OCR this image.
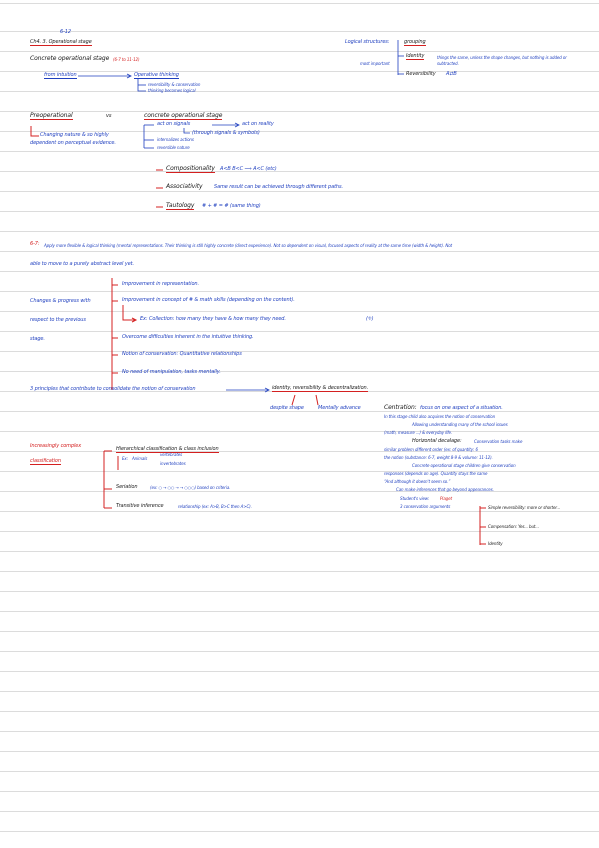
6-12
Ch4. 3. Operational stage	Logical structures:	grouping
Concrete operational stage (6-7 to 11-12)
from intuition	Operative thinking
reversibility & conservation
thinking becomes logical
most important
Identity	things the same, unless the shape changes, but nothing is added or subtracted.
Reversibility A⇄B
Preoperational	vs	concrete operational stage
Changing nature & so highly
dependent on perceptual evidence.
act on signals	act on reality
(through signals & symbols)
internalizes actions
reversible nature
Compositionality A<B B<C ⟹ A<C (etc)
Associativity Same result can be achieved through different paths.
Tautology # + # = # (same thing)
6-7: Apply more flexible & logical thinking (mental representations. Their thinking is still highly concrete (direct experience). Not so dependent on visual, focused aspects of reality at the same time (width & height). Not
able to move to a purely abstract level yet.
Changes & progress with
respect to the previous
stage.
Improvement in representation.
Improvement in concept of # & math skills (depending on the content).
Ex: Collection: how many they have & how many they need.	(♱)
Overcome difficulties inherent in the intuitive thinking.
Notion of conservation: Quantitative relationships
No need of manipulation, tasks mentally.
3 principles that contribute to consolidate the notion of conservation	identity, reversibility & decentralization.
despite shape	Mentally advance	Centration: focus on one aspect of a situation.
In this stage child also acquires the notion of conservation
Allowing understanding many of the school issues
(math, measure ...) & everyday life.
Horizontal decalage:	Conservation tasks make
similar problem different order (ex: of quantity: 6
the notion (substance: 6-7, weight 8-9 & volume: 11-12).
Concrete operational stage children give conservation
responses (depends on age). Quantity stays the same
“And although it doesn't seem so.”
Can make inferences that go beyond appearances.
Student's view:	Piaget
3 conservation arguments	Simple reversibility: more or shorter...
Compensation: Yes... but...
Identity
Increasingly complex
classification
Hierarchical classification & class inclusion
Ex: Animals
vertebrates
invertebrates
Seriation	(ex: ○ → ○○ → → ○○○) based on criteria.
Transitive inference	relationship (ex: A>B, B>C then A>C).
